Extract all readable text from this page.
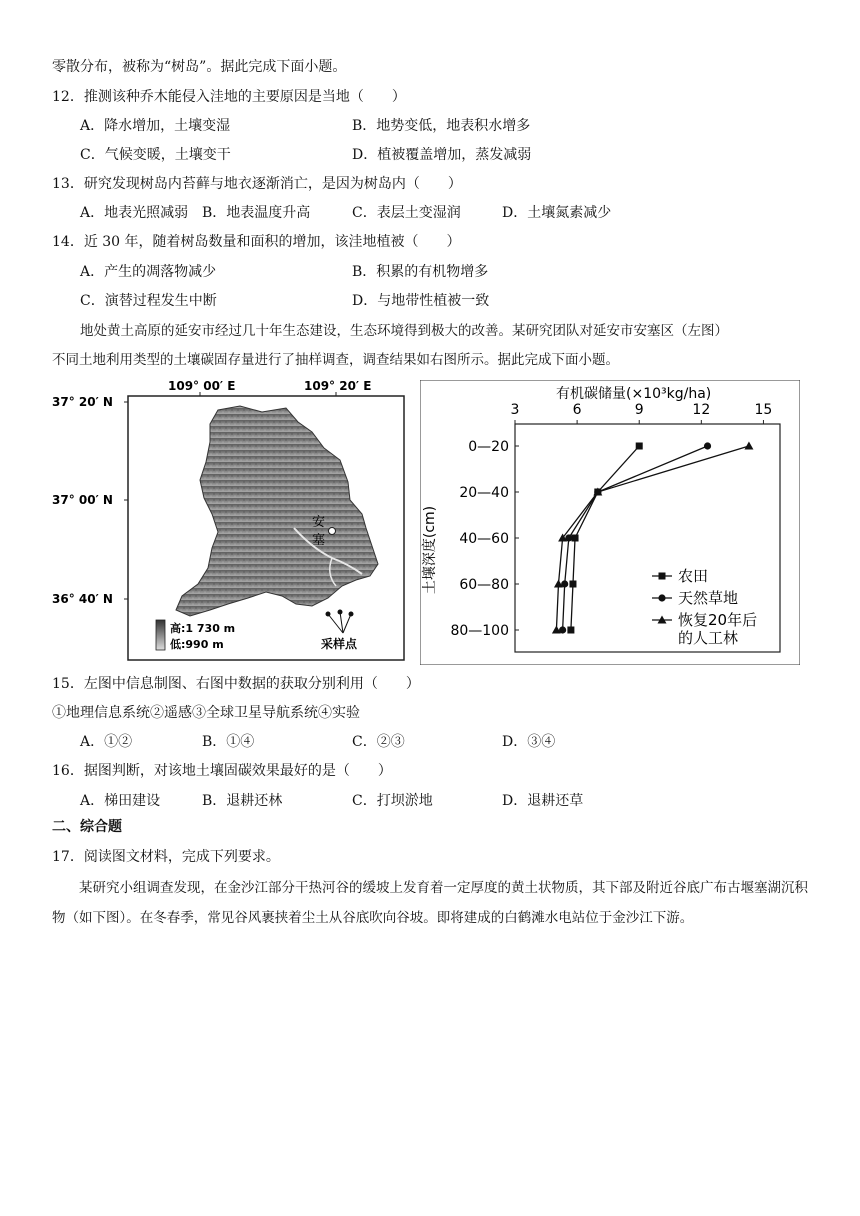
零散分布，被称为“树岛”。据此完成下面小题。
12．推测该种乔木能侵入洼地的主要原因是当地（　　）
A．降水增加，土壤变湿	B．地势变低，地表积水增多
C．气候变暖，土壤变干	D．植被覆盖增加，蒸发减弱
13．研究发现树岛内苔藓与地衣逐渐消亡，是因为树岛内（　　）
A．地表光照减弱 B．地表温度升高	C．表层土变湿润	D．土壤氮素减少
14．近 30 年，随着树岛数量和面积的增加，该洼地植被（　　）
A．产生的凋落物减少	B．积累的有机物增多
C．演替过程发生中断	D．与地带性植被一致
地处黄土高原的延安市经过几十年生态建设，生态环境得到极大的改善。某研究团队对延安市安塞区（左图）
不同土地利用类型的土壤碳固存量进行了抽样调查，调查结果如右图所示。据此完成下面小题。
109° 00′ E	109° 20′ E
37° 20′ N
37° 00′ N
36° 40′ N
安
塞
采样点
高:1 730 m
低:990 m
有机碳储量(×10³kg/ha)
土壤深度(cm)
3	6	9	12	15
0—20
20—40
40—60
60—80
80—100
农田
天然草地
恢复20年后
的人工林
15．左图中信息制图、右图中数据的获取分别利用（　　）
①地理信息系统②遥感③全球卫星导航系统④实验
A．①②	B．①④	C．②③	D．③④
16．据图判断，对该地土壤固碳效果最好的是（　　）
A．梯田建设	B．退耕还林	C．打坝淤地	D．退耕还草
二、综合题
17．阅读图文材料，完成下列要求。

某研究小组调查发现，在金沙江部分干热河谷的缓坡上发育着一定厚度的黄土状物质，其下部及附近谷底广布古堰塞湖沉积物（如下图）。在冬春季，常见谷风裹挟着尘土从谷底吹向谷坡。即将建成的白鹤滩水电站位于金沙江下游。
